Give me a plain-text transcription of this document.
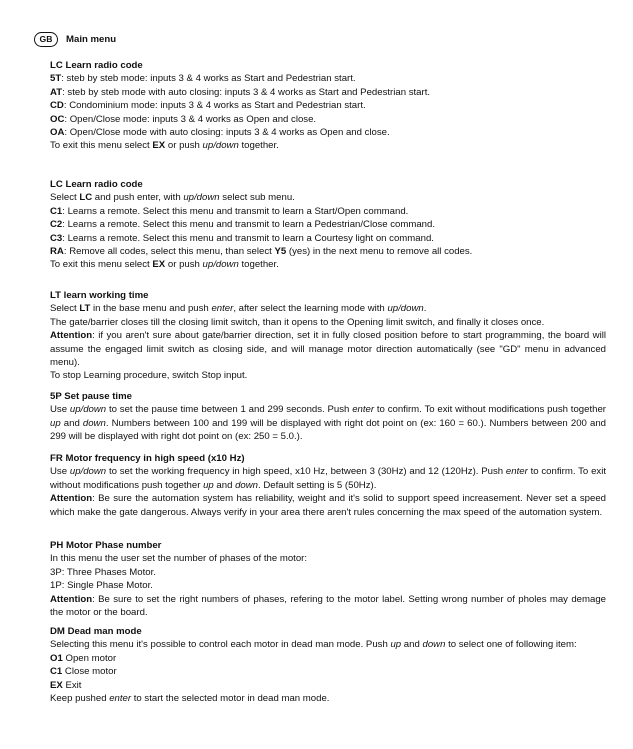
GB	Main menu
LC Learn radio code
5T: steb by steb mode: inputs 3 & 4 works as Start and Pedestrian start.
AT: steb by steb mode with auto closing: inputs 3 & 4 works as Start and Pedestrian start.
CD: Condominium mode: inputs 3 & 4 works as Start and Pedestrian start.
OC: Open/Close mode: inputs 3 & 4 works as Open and close.
OA: Open/Close mode with auto closing: inputs 3 & 4 works as Open and close.
To exit this menu select EX or push up/down together.
LC Learn radio code
Select LC and push enter, with up/down select sub menu.
C1: Learns a remote. Select this menu and transmit to learn a Start/Open command.
C2: Learns a remote. Select this menu and transmit to learn a Pedestrian/Close command.
C3: Learns a remote. Select this menu and transmit to learn a Courtesy light on command.
RA: Remove all codes, select this menu, than select Y5 (yes) in the next menu to remove all codes.
To exit this menu select EX or push up/down together.
LT learn working time
Select LT in the base menu and push enter, after select the learning mode with up/down.
The gate/barrier closes till the closing limit switch, than it opens to the Opening limit switch, and finally it closes once.
Attention: if you aren't sure about gate/barrier direction, set it in fully closed position before to start programming, the board will assume the engaged limit switch as closing side, and will manage motor direction automatically (see "GD" menu in advanced menu).
To stop Learning procedure, switch Stop input.
5P Set pause time
Use up/down to set the pause time between 1 and 299 seconds. Push enter to confirm. To exit without modifications push together up and down. Numbers between 100 and 199 will be displayed with right dot point on (ex: 160 = 60.). Numbers between 200 and 299 will be displayed with right dot point on (ex: 250 = 5.0.).
FR Motor frequency in high speed (x10 Hz)
Use up/down to set the working frequency in high speed, x10 Hz, between 3 (30Hz) and 12 (120Hz). Push enter to confirm. To exit without modifications push together up and down. Default setting is 5 (50Hz).
Attention: Be sure the automation system has reliability, weight and it's solid to support speed increasement. Never set a speed which make the gate dangerous. Always verify in your area there aren't rules concerning the max speed of the automation system.
PH Motor Phase number
In this menu the user set the number of phases of the motor:
3P: Three Phases Motor.
1P: Single Phase Motor.
Attention: Be sure to set the right numbers of phases, refering to the motor label. Setting wrong number of pholes may demage the motor or the board.
DM Dead man mode
Selecting this menu it's possible to control each motor in dead man mode. Push up and down to select one of following item:
O1 Open motor
C1 Close motor
EX Exit
Keep pushed enter to start the selected motor in dead man mode.
